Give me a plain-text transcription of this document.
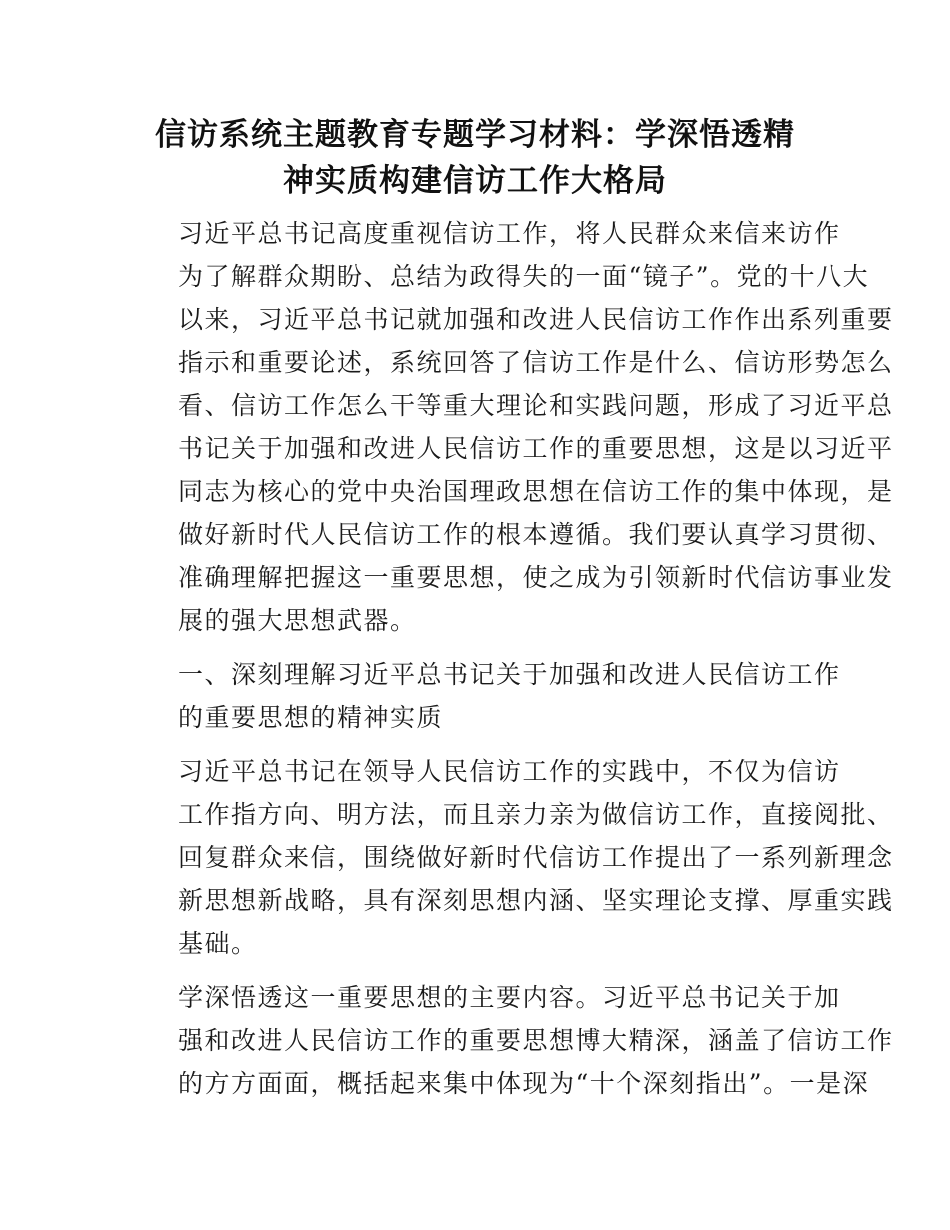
信访系统主题教育专题学习材料：学深悟透精
神实质构建信访工作大格局

习近平总书记高度重视信访工作，将人民群众来信来访作
为了解群众期盼、总结为政得失的一面“镜子”。党的十八大
以来，习近平总书记就加强和改进人民信访工作作出系列重要
指示和重要论述，系统回答了信访工作是什么、信访形势怎么
看、信访工作怎么干等重大理论和实践问题，形成了习近平总
书记关于加强和改进人民信访工作的重要思想，这是以习近平
同志为核心的党中央治国理政思想在信访工作的集中体现，是
做好新时代人民信访工作的根本遵循。我们要认真学习贯彻、
准确理解把握这一重要思想，使之成为引领新时代信访事业发
展的强大思想武器。

一、深刻理解习近平总书记关于加强和改进人民信访工作
的重要思想的精神实质

习近平总书记在领导人民信访工作的实践中，不仅为信访
工作指方向、明方法，而且亲力亲为做信访工作，直接阅批、
回复群众来信，围绕做好新时代信访工作提出了一系列新理念
新思想新战略，具有深刻思想内涵、坚实理论支撑、厚重实践
基础。

学深悟透这一重要思想的主要内容。习近平总书记关于加
强和改进人民信访工作的重要思想博大精深，涵盖了信访工作
的方方面面，概括起来集中体现为“十个深刻指出”。一是深
